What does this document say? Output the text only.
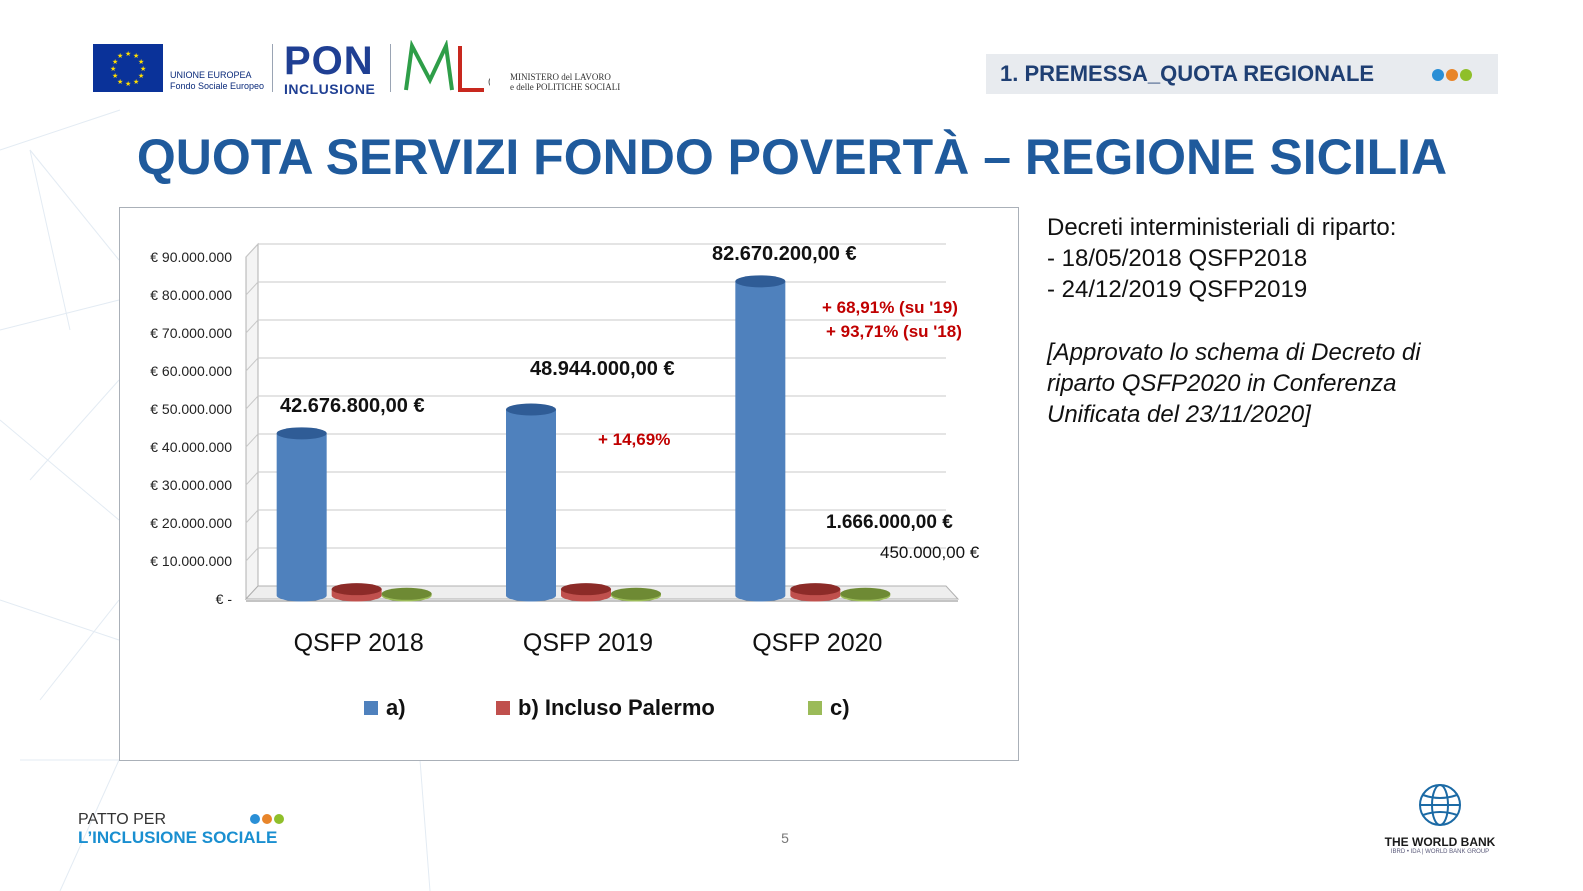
★ ★
★
★
★
★
★
★
★
★
★
★
UNIONE EUROPEA
Fondo Sociale Europeo
PON
INCLUSIONE
MINISTERO del LAVORO
e delle POLITICHE SOCIALI
1. PREMESSA_QUOTA REGIONALE
QUOTA SERVIZI FONDO POVERTÀ – REGIONE SICILIA
€ -
€ 10.000.000
€ 20.000.000
€ 30.000.000
€ 40.000.000
€ 50.000.000
€ 60.000.000
€ 70.000.000
€ 80.000.000
€ 90.000.000
QSFP 2018	QSFP 2019	QSFP 2020
42.676.800,00 €
48.944.000,00 €
82.670.200,00 €
1.666.000,00 €
450.000,00 €
+ 14,69%
+ 68,91% (su '19)
+ 93,71% (su '18)
a)	b) Incluso Palermo	c)
Decreti interministeriali di riparto:
- 18/05/2018 QSFP2018
- 24/12/2019 QSFP2019
[Approvato lo schema di Decreto di riparto QSFP2020 in Conferenza Unificata del 23/11/2020]
PATTO PER
L’INCLUSIONE SOCIALE	5	THE WORLD BANK
IBRD • IDA | WORLD BANK GROUP
